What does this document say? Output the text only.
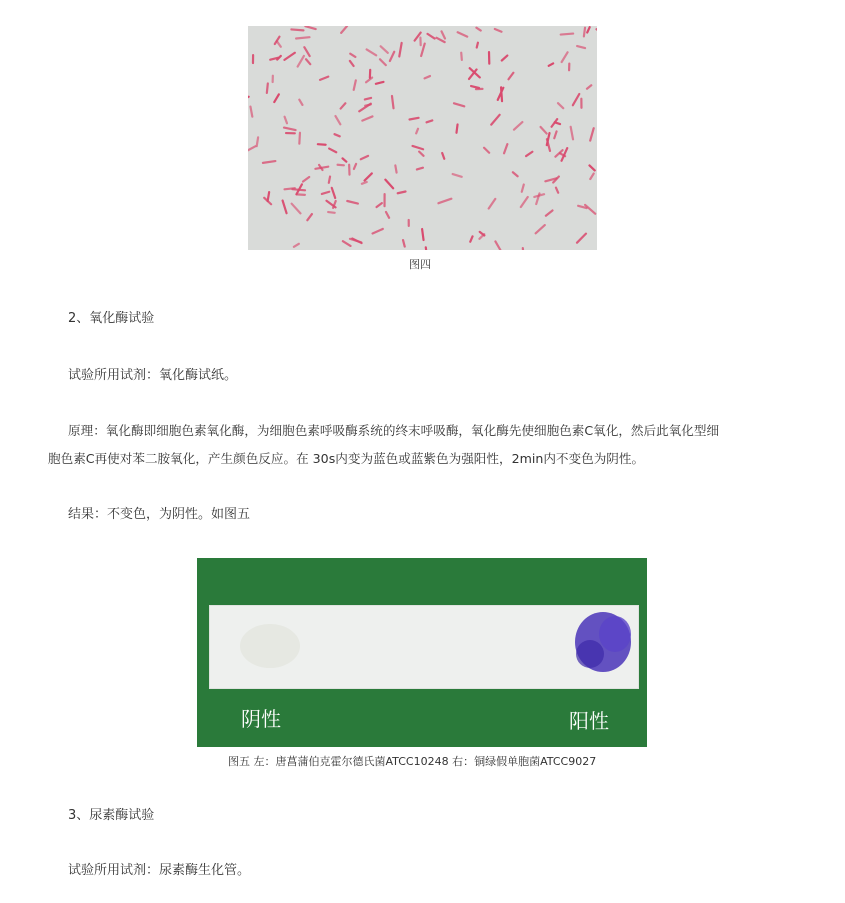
图四
2、氧化酶试验
试验所用试剂：氧化酶试纸。
原理：氧化酶即细胞色素氧化酶，为细胞色素呼吸酶系统的终末呼吸酶，氧化酶先使细胞色素C氧化，然后此氧化型细
胞色素C再使对苯二胺氧化，产生颜色反应。在 30s内变为蓝色或蓝紫色为强阳性，2min内不变色为阴性。
结果：不变色，为阴性。如图五
阴性	阳性
图五 左：唐菖蒲伯克霍尔德氏菌ATCC10248 右：铜绿假单胞菌ATCC9027
3、尿素酶试验
试验所用试剂：尿素酶生化管。
